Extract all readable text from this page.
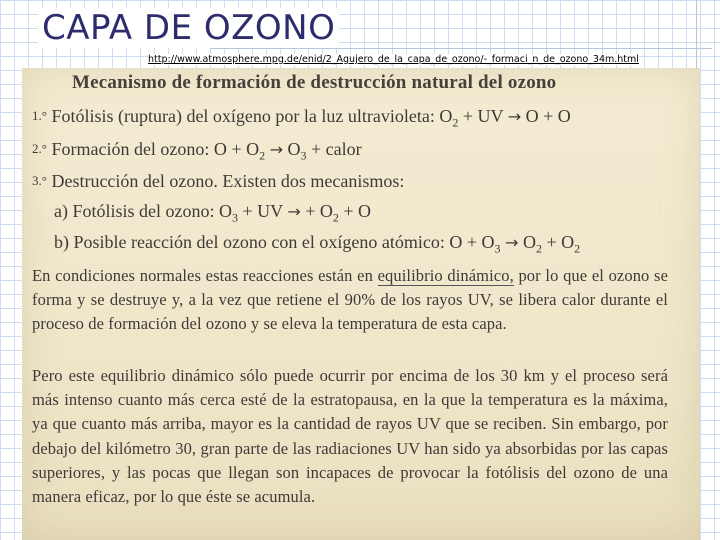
CAPA DE OZONO
http://www.atmosphere.mpg.de/enid/2_Agujero_de_la_capa_de_ozono/-_formaci_n_de_ozono_34m.html
Mecanismo de formación de destrucción natural del ozono
1.° Fotólisis (ruptura) del oxígeno por la luz ultravioleta: $O_2$ + UV → O + O
2.° Formación del ozono: $O + O_2 \to O_3$ + calor
3.° Destrucción del ozono. Existen dos mecanismos:
a) Fotólisis del ozono: $O_3$ + UV → + $O_2 + O$
b) Posible reacción del ozono con el oxígeno atómico: $O + O_3 \to O_2 + O_2$
En condiciones normales estas reacciones están en equilibrio dinámico, por lo que el ozono se forma y se destruye y, a la vez que retiene el 90% de los rayos UV, se libera calor durante el proceso de formación del ozono y se eleva la temperatura de esta capa.
Pero este equilibrio dinámico sólo puede ocurrir por encima de los 30 km y el proceso será más intenso cuanto más cerca esté de la estratopausa, en la que la temperatura es la máxima, ya que cuanto más arriba, mayor es la cantidad de rayos UV que se reciben. Sin embargo, por debajo del kilómetro 30, gran parte de las radiaciones UV han sido ya absorbidas por las capas superiores, y las pocas que llegan son incapaces de provocar la fotólisis del ozono de una manera eficaz, por lo que éste se acumula.
